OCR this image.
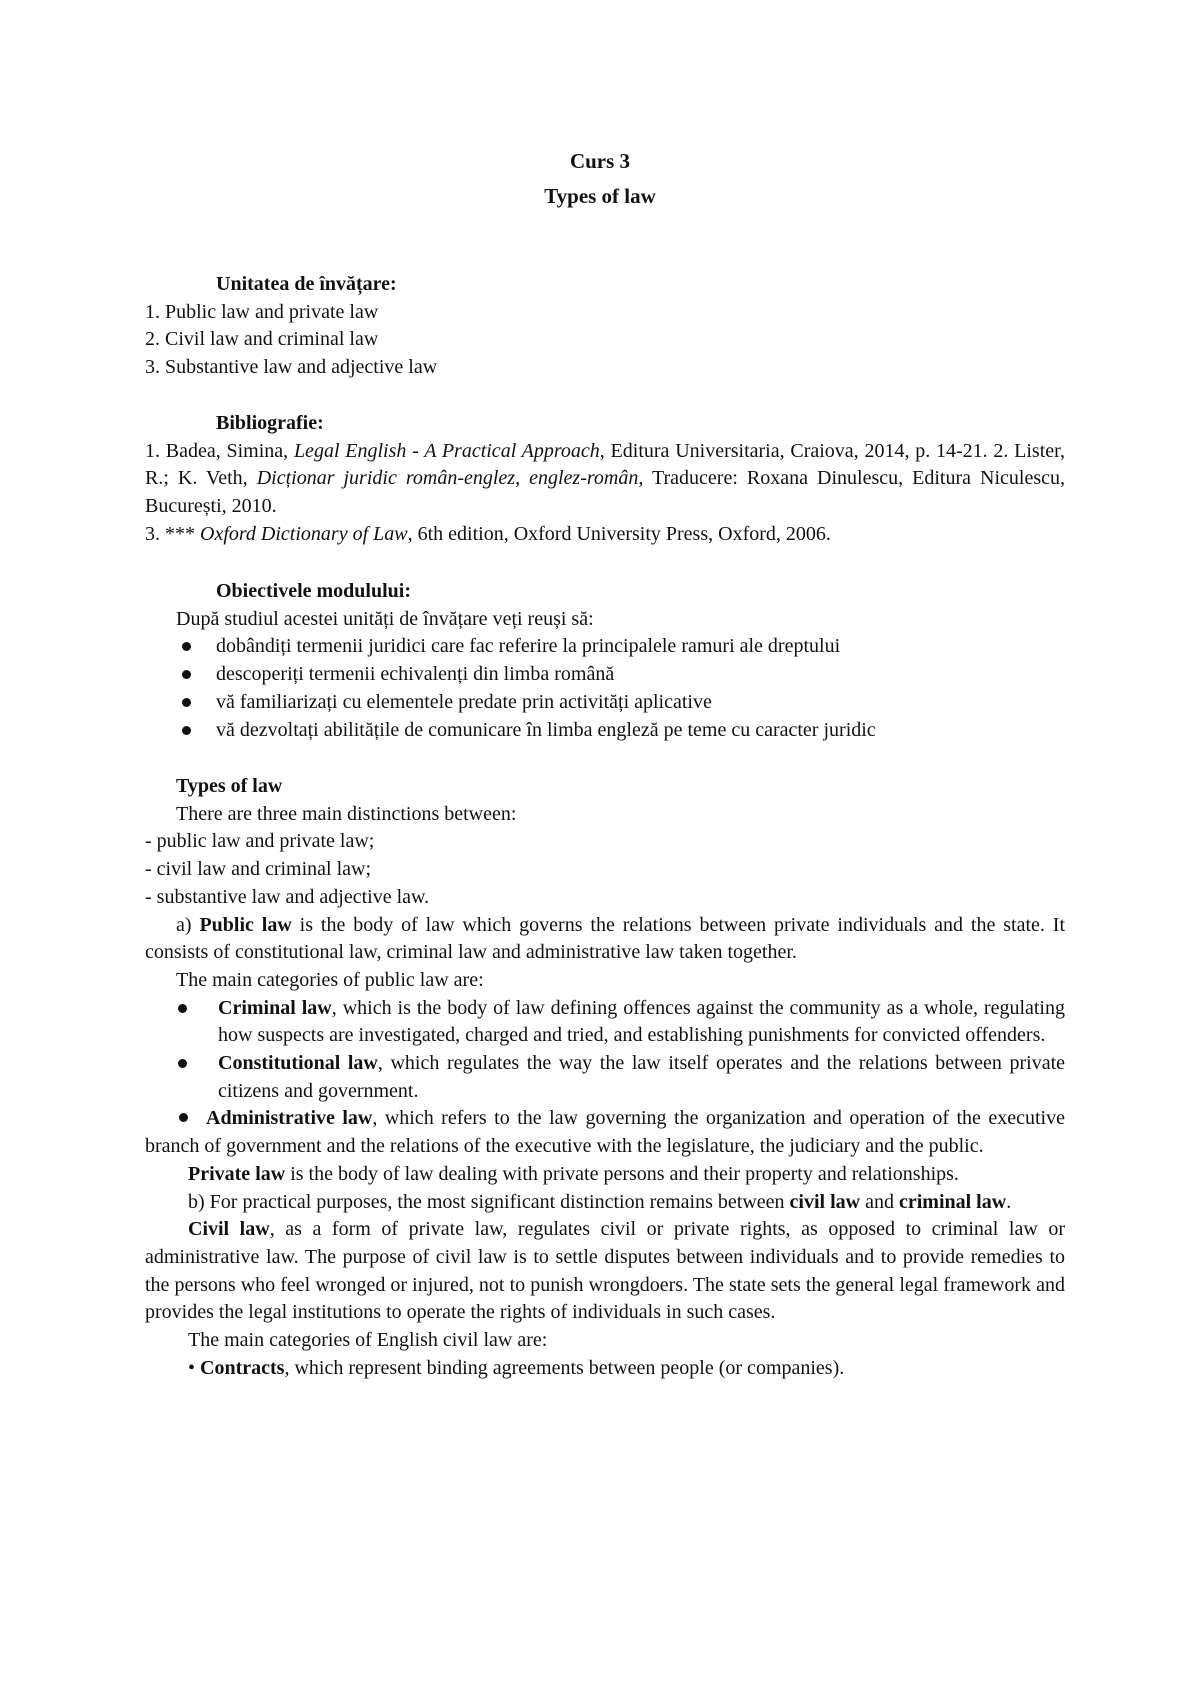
Curs 3
Types of law
Unitatea de învățare:
1. Public law and private law
2. Civil law and criminal law
3. Substantive law and adjective law
Bibliografie:

1. Badea, Simina, Legal English - A Practical Approach, Editura Universitaria, Craiova, 2014, p. 14-21. 2. Lister, R.; K. Veth, Dicționar juridic român-englez, englez-român, Traducere: Roxana Dinulescu, Editura Niculescu, București, 2010.

3. *** Oxford Dictionary of Law, 6th edition, Oxford University Press, Oxford, 2006.

Obiectivele modulului:
După studiul acestei unități de învățare veți reuși să:
dobândiți termenii juridici care fac referire la principalele ramuri ale dreptului
descoperiți termenii echivalenți din limba română
vă familiarizați cu elementele predate prin activități aplicative
vă dezvoltați abilitățile de comunicare în limba engleză pe teme cu caracter juridic
Types of law
There are three main distinctions between:
- public law and private law;
- civil law and criminal law;
- substantive law and adjective law.

a) Public law is the body of law which governs the relations between private individuals and the state. It consists of constitutional law, criminal law and administrative law taken together.

The main categories of public law are:
Criminal law, which is the body of law defining offences against the community as a whole, regulating how suspects are investigated, charged and tried, and establishing punishments for convicted offenders.
Constitutional law, which regulates the way the law itself operates and the relations between private citizens and government.

Administrative law, which refers to the law governing the organization and operation of the executive branch of government and the relations of the executive with the legislature, the judiciary and the public.

Private law is the body of law dealing with private persons and their property and relationships.

b) For practical purposes, the most significant distinction remains between civil law and criminal law.

Civil law, as a form of private law, regulates civil or private rights, as opposed to criminal law or administrative law. The purpose of civil law is to settle disputes between individuals and to provide remedies to the persons who feel wronged or injured, not to punish wrongdoers. The state sets the general legal framework and provides the legal institutions to operate the rights of individuals in such cases.

The main categories of English civil law are:

• Contracts, which represent binding agreements between people (or companies).
